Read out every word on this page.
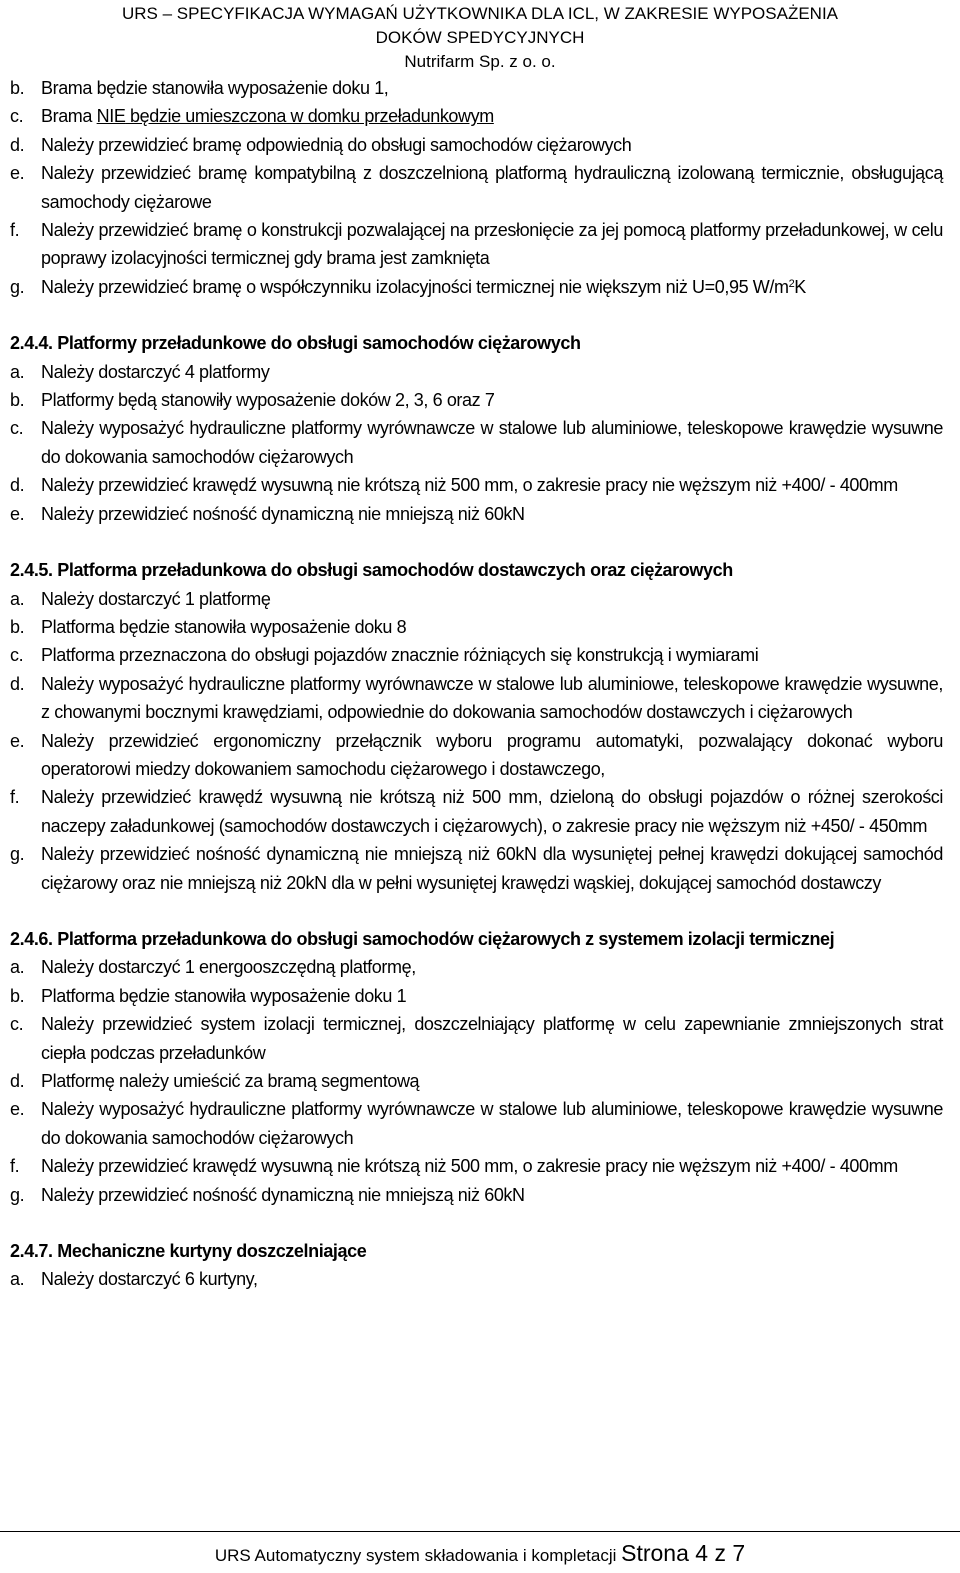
URS – SPECYFIKACJA WYMAGAŃ UŻYTKOWNIKA DLA ICL, W ZAKRESIE WYPOSAŻENIA
DOKÓW SPEDYCYJNYCH
Nutrifarm Sp. z o. o.
b. Brama będzie stanowiła wyposażenie doku 1,
c. Brama NIE będzie umieszczona w domku przeładunkowym
d. Należy przewidzieć bramę odpowiednią do obsługi samochodów ciężarowych
e. Należy przewidzieć bramę kompatybilną z doszczelnioną platformą hydrauliczną izolowaną termicznie, obsługującą samochody ciężarowe
f.	Należy przewidzieć bramę o konstrukcji pozwalającej na przesłonięcie za jej pomocą platformy przeładunkowej, w celu poprawy izolacyjności termicznej gdy brama jest zamknięta
g. Należy przewidzieć bramę o współczynniku izolacyjności termicznej nie większym niż U=0,95 $W/m^2K$
2.4.4. Platformy przeładunkowe do obsługi samochodów ciężarowych
a. Należy dostarczyć 4 platformy
b. Platformy będą stanowiły wyposażenie doków 2, 3, 6 oraz 7
c. Należy wyposażyć hydrauliczne platformy wyrównawcze w stalowe lub aluminiowe, teleskopowe krawędzie wysuwne do dokowania samochodów ciężarowych
d. Należy przewidzieć krawędź wysuwną nie krótszą niż 500 mm, o zakresie pracy nie węższym niż +400/ - 400mm
e. Należy przewidzieć nośność dynamiczną nie mniejszą niż 60kN
2.4.5. Platforma przeładunkowa do obsługi samochodów dostawczych oraz ciężarowych
a. Należy dostarczyć 1 platformę
b. Platforma będzie stanowiła wyposażenie doku 8
c. Platforma przeznaczona do obsługi pojazdów znacznie różniących się konstrukcją i wymiarami
d. Należy wyposażyć hydrauliczne platformy wyrównawcze w stalowe lub aluminiowe, teleskopowe krawędzie wysuwne, z chowanymi bocznymi krawędziami, odpowiednie do dokowania samochodów dostawczych i ciężarowych
e. Należy przewidzieć ergonomiczny przełącznik wyboru programu automatyki, pozwalający dokonać wyboru operatorowi miedzy dokowaniem samochodu ciężarowego i dostawczego,
f.	Należy przewidzieć krawędź wysuwną nie krótszą niż 500 mm, dzieloną do obsługi pojazdów o różnej szerokości naczepy załadunkowej (samochodów dostawczych i ciężarowych), o zakresie pracy nie węższym niż +450/ - 450mm
g. Należy przewidzieć nośność dynamiczną nie mniejszą niż 60kN dla wysuniętej pełnej krawędzi dokującej samochód ciężarowy oraz nie mniejszą niż 20kN dla w pełni wysuniętej krawędzi wąskiej, dokującej samochód dostawczy
2.4.6. Platforma przeładunkowa do obsługi samochodów ciężarowych z systemem izolacji termicznej
a. Należy dostarczyć 1 energooszczędną platformę,
b. Platforma będzie stanowiła wyposażenie doku 1
c. Należy przewidzieć system izolacji termicznej, doszczelniający platformę w celu zapewnianie zmniejszonych strat ciepła podczas przeładunków
d. Platformę należy umieścić za bramą segmentową
e. Należy wyposażyć hydrauliczne platformy wyrównawcze w stalowe lub aluminiowe, teleskopowe krawędzie wysuwne do dokowania samochodów ciężarowych
f.	Należy przewidzieć krawędź wysuwną nie krótszą niż 500 mm, o zakresie pracy nie węższym niż +400/ - 400mm
g. Należy przewidzieć nośność dynamiczną nie mniejszą niż 60kN
2.4.7. Mechaniczne kurtyny doszczelniające
a. Należy dostarczyć 6 kurtyny,
URS Automatyczny system składowania i kompletacji Strona 4 z 7
